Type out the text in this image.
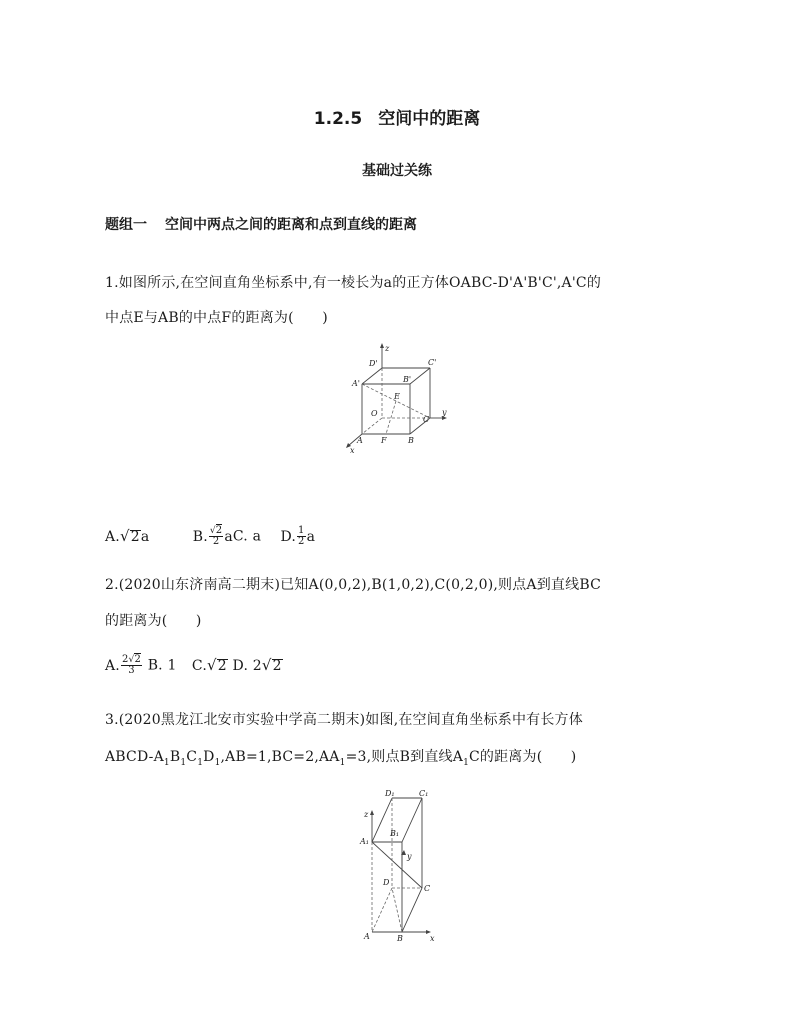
1.2.5 空间中的距离
基础过关练
题组一 空间中两点之间的距离和点到直线的距离
1.如图所示,在空间直角坐标系中,有一棱长为a的正方体OABC-D'A'B'C',A'C的
中点E与AB的中点F的距离为(　　)
z
D'	C'
A'	B'
E
O
C
y
A F	B
x
A.√2a	B. $\frac{√2}{2}$ aC. a D. $\frac{1}{2}$ a
2.(2020山东济南高二期末)已知A(0,0,2),B(1,0,2),C(0,2,0),则点A到直线BC
的距离为(　　)
A. $\frac{2√2}{3} B$. 1 C.√2 D. 2√2
3.(2020黑龙江北安市实验中学高二期末)如图,在空间直角坐标系中有长方体
ABCD-$A_1B_1C_1D_1,AB=1,BC=2,AA_1=3$,则点B到直线$A_1C$的距离为(　　)
D₁	C₁
z
B₁
A₁
y
D
C
A	B	x
